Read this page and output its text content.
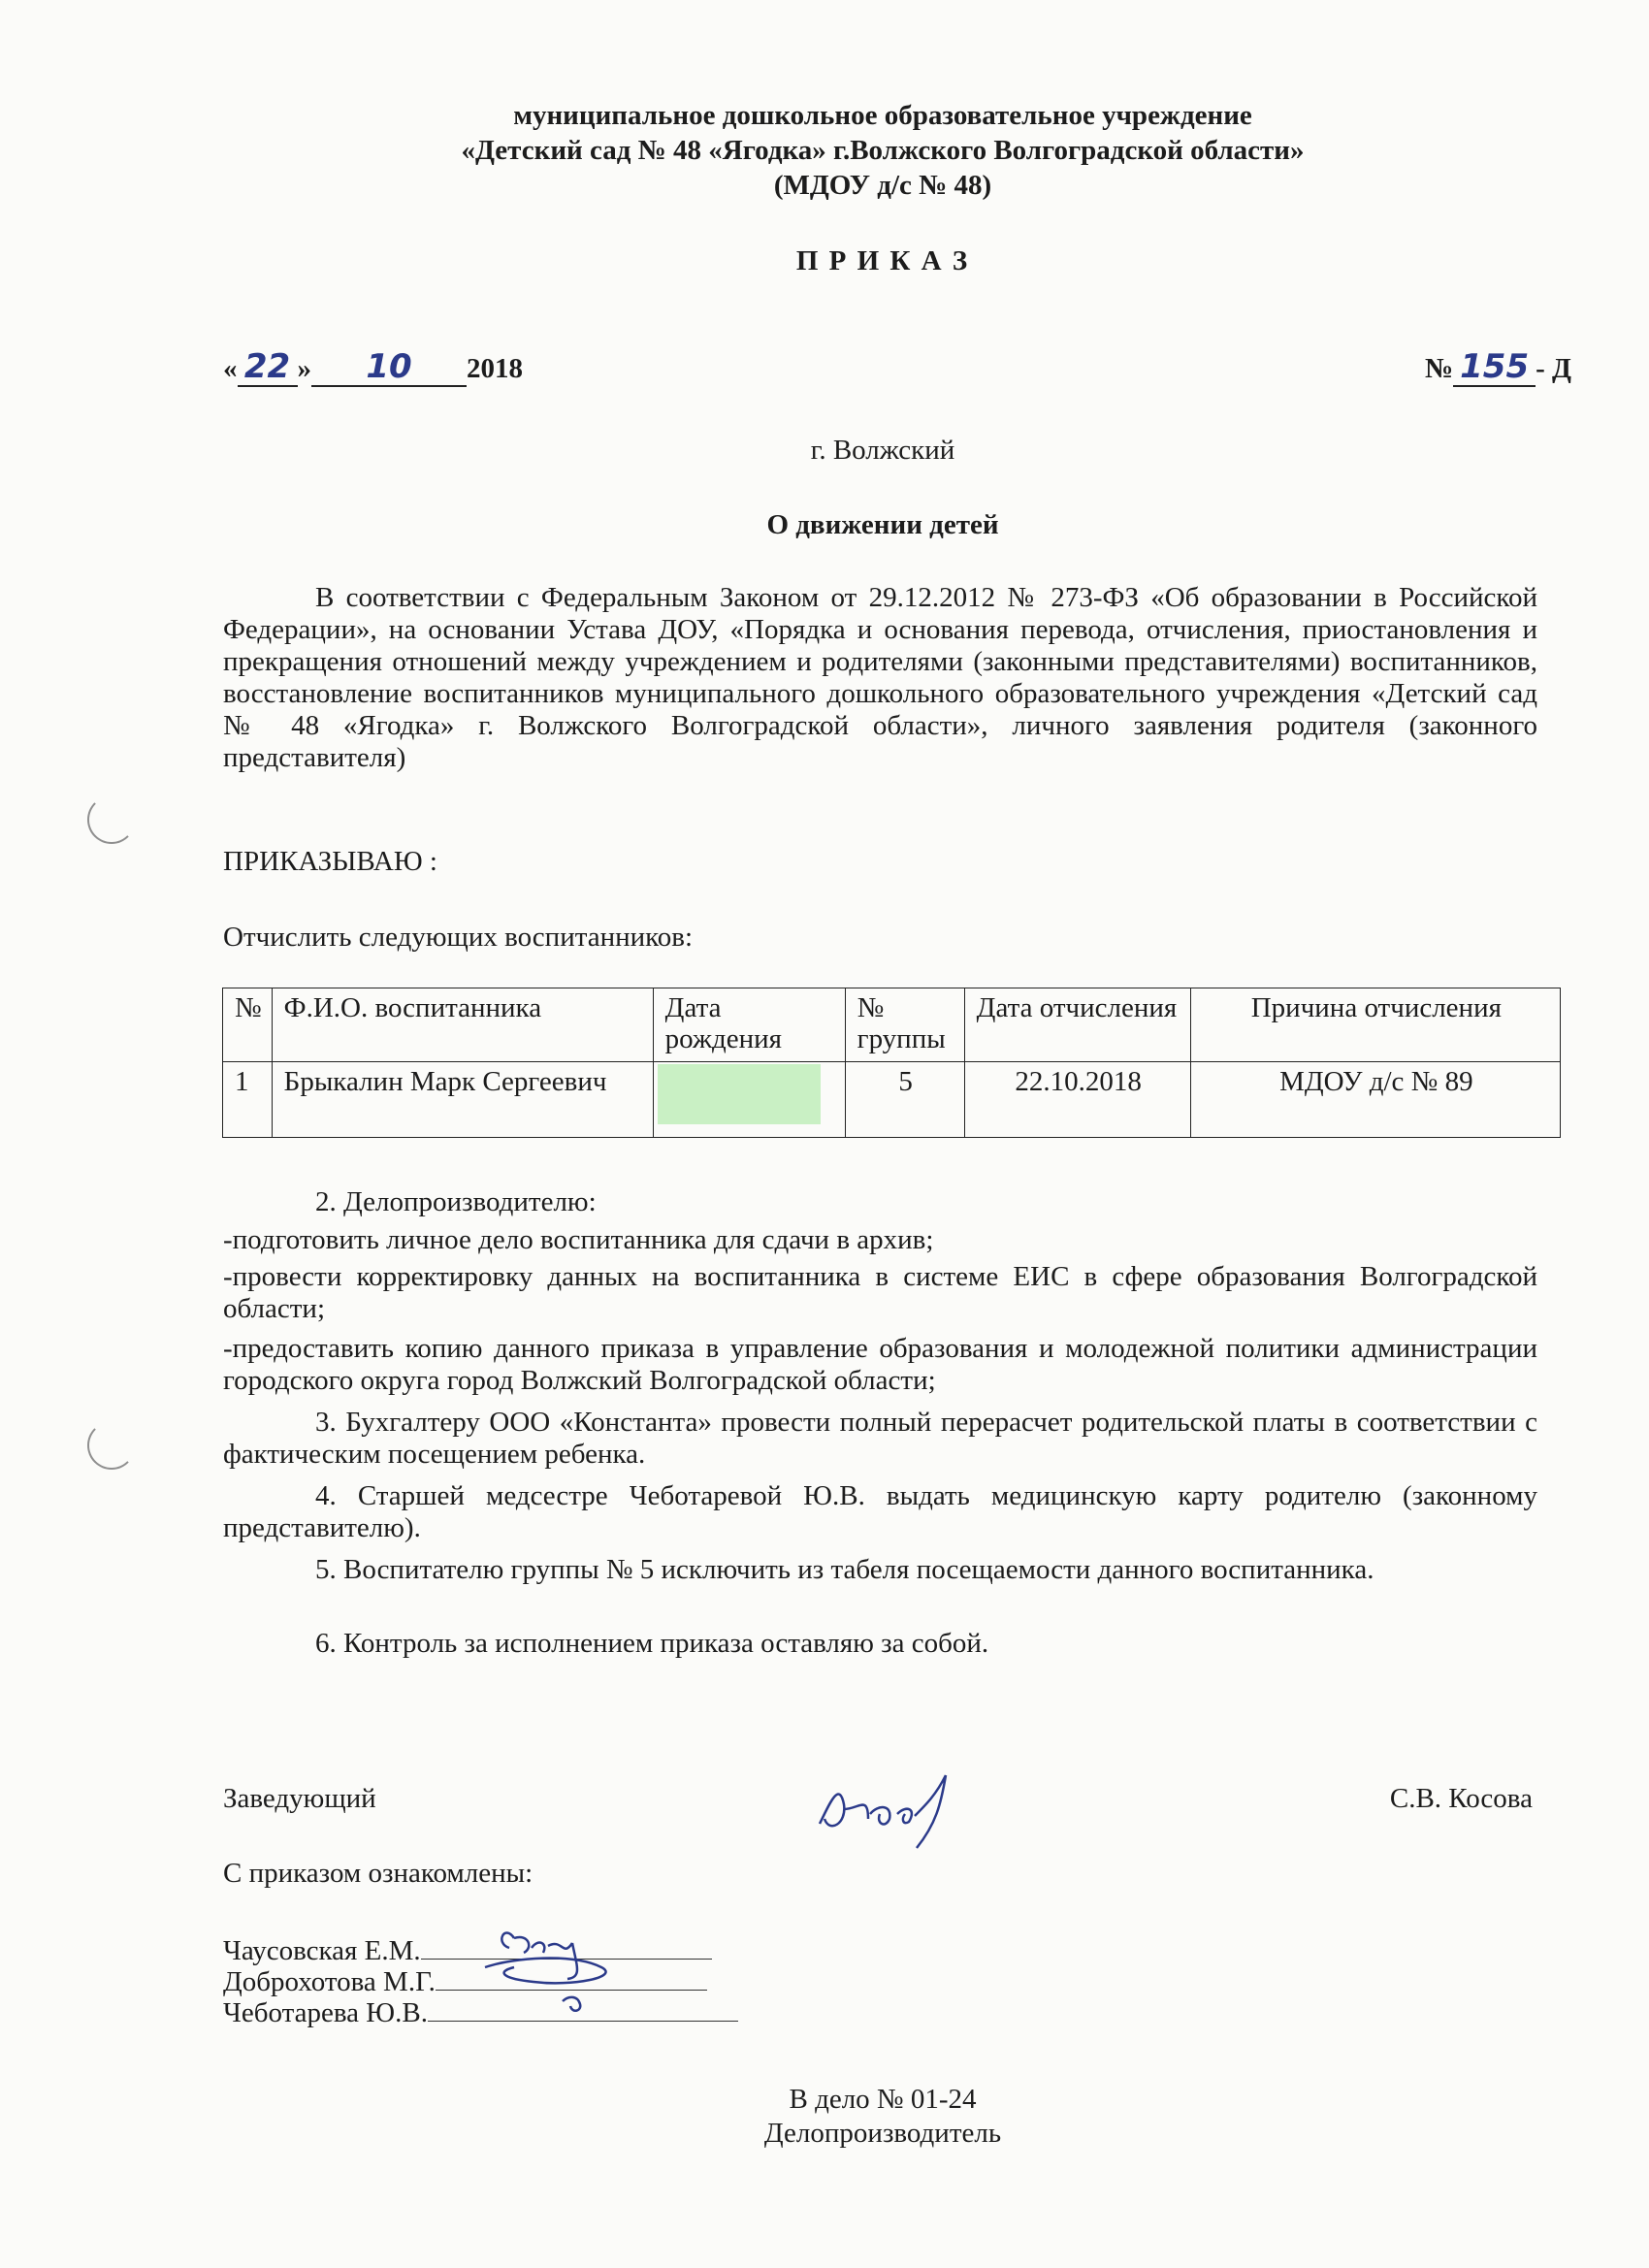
муниципальное дошкольное образовательное учреждение
«Детский сад № 48 «Ягодка» г.Волжского Волгоградской области»
(МДОУ д/с № 48)
П Р И К А З
« 22 » 10 2018	№ 155 - Д
г. Волжский
О движении детей
В соответствии с Федеральным Законом от 29.12.2012 № 273-ФЗ «Об образовании в Российской Федерации», на основании Устава ДОУ, «Порядка и основания перевода, отчисления, приостановления и прекращения отношений между учреждением и родителями (законными представителями) воспитанников, восстановление воспитанников муниципального дошкольного образовательного учреждения «Детский сад № 48 «Ягодка» г. Волжского Волгоградской области», личного заявления родителя (законного представителя)
ПРИКАЗЫВАЮ :
Отчислить следующих воспитанников:
№	Ф.И.О. воспитанника	Дата рождения	№ группы	Дата отчисления	Причина отчисления
1	Брыкалин Марк Сергеевич		5	22.10.2018	МДОУ д/с № 89
2. Делопроизводителю:
-подготовить личное дело воспитанника для сдачи в архив;
-провести корректировку данных на воспитанника в системе ЕИС в сфере образования Волгоградской области;
-предоставить копию данного приказа в управление образования и молодежной политики администрации городского округа город Волжский Волгоградской области;
3. Бухгалтеру ООО «Константа» провести полный перерасчет родительской платы в соответствии с фактическим посещением ребенка.
4. Старшей медсестре Чеботаревой Ю.В. выдать медицинскую карту родителю (законному представителю).
5. Воспитателю группы № 5 исключить из табеля посещаемости данного воспитанника.
6. Контроль за исполнением приказа оставляю за собой.
Заведующий	С.В. Косова
С приказом ознакомлены:
Чаусовская Е.М.
Доброхотова М.Г.
Чеботарева Ю.В.
В дело № 01-24
Делопроизводитель
